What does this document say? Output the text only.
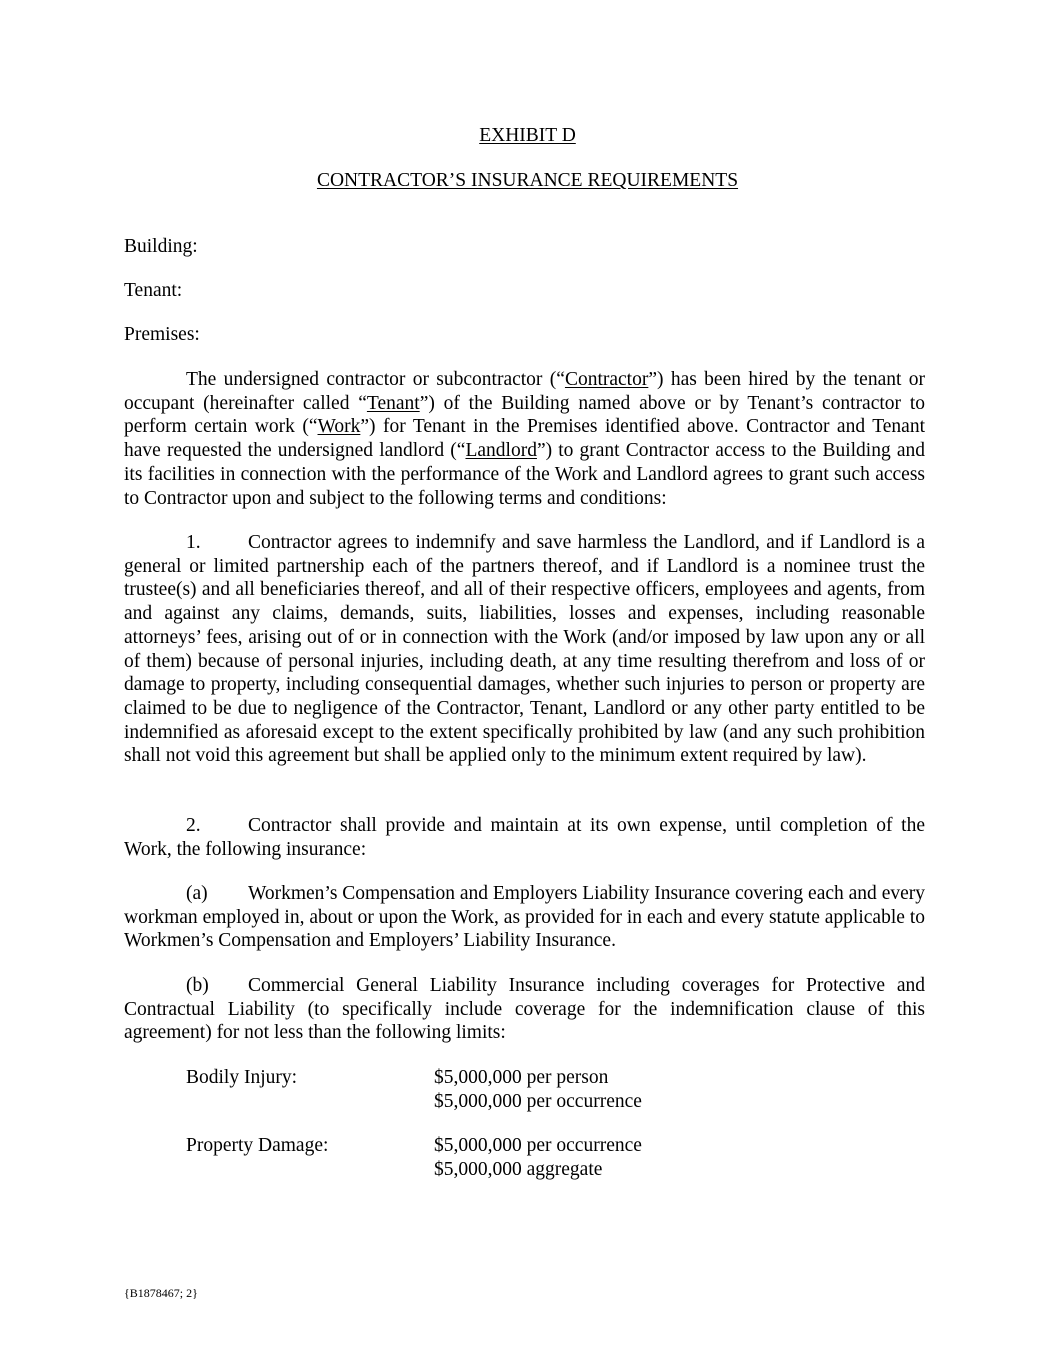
EXHIBIT D
CONTRACTOR’S INSURANCE REQUIREMENTS
Building:
Tenant:
Premises:
The undersigned contractor or subcontractor (“Contractor”) has been hired by the tenant or occupant (hereinafter called “Tenant”) of the Building named above or by Tenant’s contractor to perform certain work (“Work”) for Tenant in the Premises identified above. Contractor and Tenant have requested the undersigned landlord (“Landlord”) to grant Contractor access to the Building and its facilities in connection with the performance of the Work and Landlord agrees to grant such access to Contractor upon and subject to the following terms and conditions:
1. Contractor agrees to indemnify and save harmless the Landlord, and if Landlord is a general or limited partnership each of the partners thereof, and if Landlord is a nominee trust the trustee(s) and all beneficiaries thereof, and all of their respective officers, employees and agents, from and against any claims, demands, suits, liabilities, losses and expenses, including reasonable attorneys’ fees, arising out of or in connection with the Work (and/or imposed by law upon any or all of them) because of personal injuries, including death, at any time resulting therefrom and loss of or damage to property, including consequential damages, whether such injuries to person or property are claimed to be due to negligence of the Contractor, Tenant, Landlord or any other party entitled to be indemnified as aforesaid except to the extent specifically prohibited by law (and any such prohibition shall not void this agreement but shall be applied only to the minimum extent required by law).
2. Contractor shall provide and maintain at its own expense, until completion of the Work, the following insurance:
(a) Workmen’s Compensation and Employers Liability Insurance covering each and every workman employed in, about or upon the Work, as provided for in each and every statute applicable to Workmen’s Compensation and Employers’ Liability Insurance.
(b) Commercial General Liability Insurance including coverages for Protective and Contractual Liability (to specifically include coverage for the indemnification clause of this agreement) for not less than the following limits:
Bodily Injury:	$5,000,000 per person
$5,000,000 per occurrence
Property Damage:	$5,000,000 per occurrence
$5,000,000 aggregate
{B1878467; 2}
